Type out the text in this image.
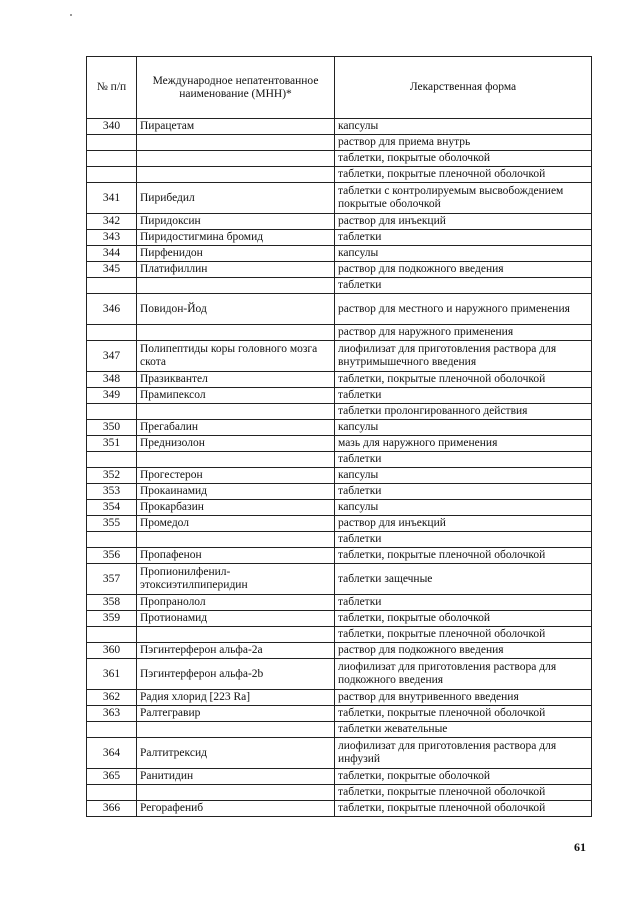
№ п/п	Международное непатентованное наименование (МНН)*	Лекарственная форма
340	Пирацетам	капсулы
		раствор для приема внутрь
		таблетки, покрытые оболочкой
		таблетки, покрытые пленочной оболочкой
341	Пирибедил	таблетки с контролируемым высвобождением покрытые оболочкой
342	Пиридоксин	раствор для инъекций
343	Пиридостигмина бромид	таблетки
344	Пирфенидон	капсулы
345	Платифиллин	раствор для подкожного введения
		таблетки
346	Повидон-Йод	раствор для местного и наружного применения
		раствор для наружного применения
347	Полипептиды коры головного мозга скота	лиофилизат для приготовления раствора для внутримышечного введения
348	Празиквантел	таблетки, покрытые пленочной оболочкой
349	Прамипексол	таблетки
		таблетки пролонгированного действия
350	Прегабалин	капсулы
351	Преднизолон	мазь для наружного применения
		таблетки
352	Прогестерон	капсулы
353	Прокаинамид	таблетки
354	Прокарбазин	капсулы
355	Промедол	раствор для инъекций
		таблетки
356	Пропафенон	таблетки, покрытые пленочной оболочкой
357	Пропионилфенил-этоксиэтилпиперидин	таблетки защечные
358	Пропранолол	таблетки
359	Протионамид	таблетки, покрытые оболочкой
		таблетки, покрытые пленочной оболочкой
360	Пэгинтерферон альфа-2а	раствор для подкожного введения
361	Пэгинтерферон альфа-2b	лиофилизат для приготовления раствора для подкожного введения
362	Радия хлорид [223 Ra]	раствор для внутривенного введения
363	Ралтегравир	таблетки, покрытые пленочной оболочкой
		таблетки жевательные
364	Ралтитрексид	лиофилизат для приготовления раствора для инфузий
365	Ранитидин	таблетки, покрытые оболочкой
		таблетки, покрытые пленочной оболочкой
366	Регорафениб	таблетки, покрытые пленочной оболочкой
61
